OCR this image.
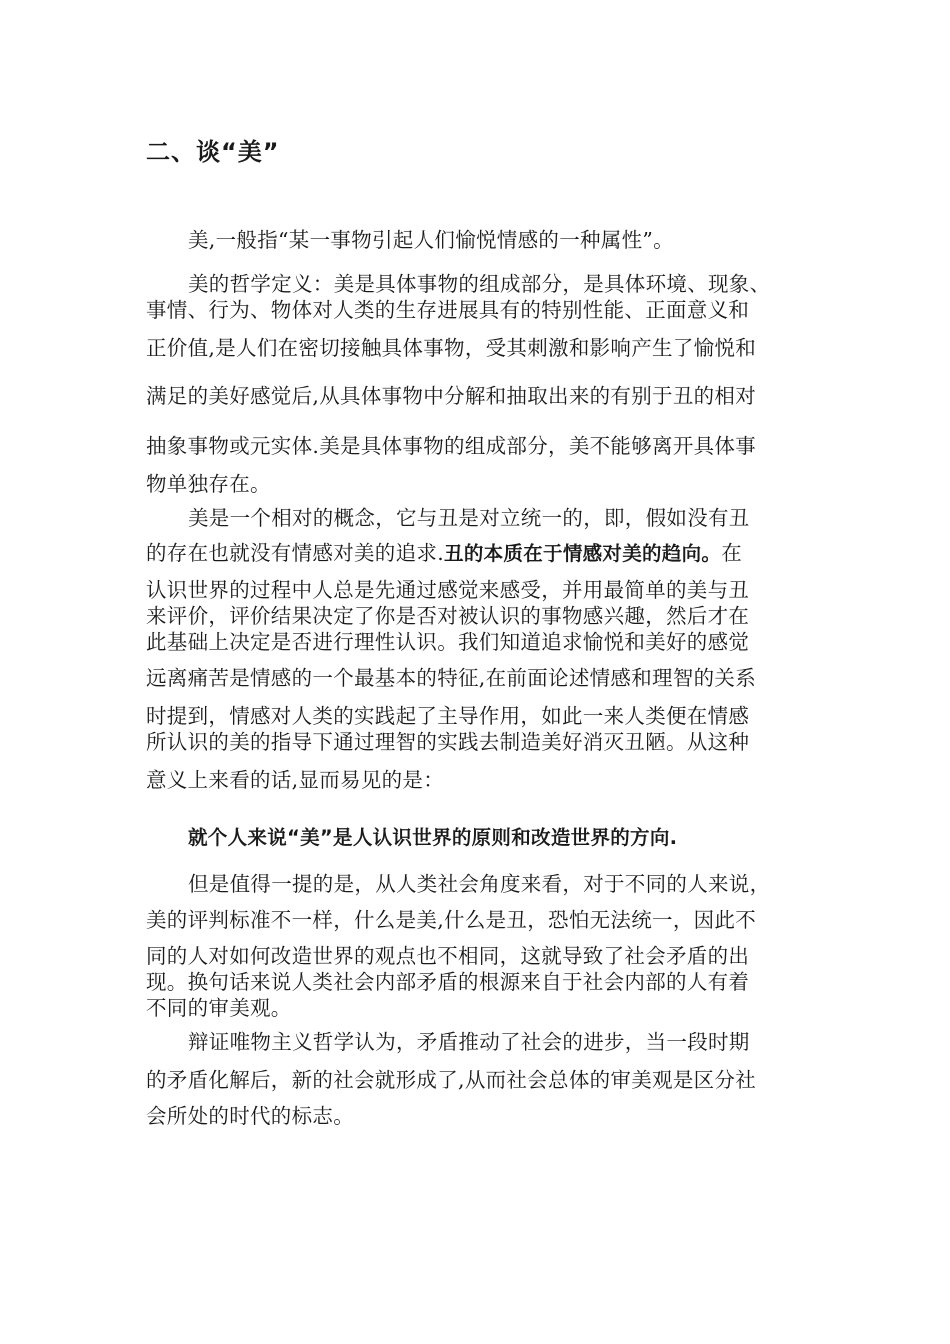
二、谈“美”
美,一般指“某一事物引起人们愉悦情感的一种属性”。
美的哲学定义：美是具体事物的组成部分，是具体环境、现象、
事情、行为、物体对人类的生存进展具有的特别性能、正面意义和
正价值,是人们在密切接触具体事物，受其刺激和影响产生了愉悦和
满足的美好感觉后,从具体事物中分解和抽取出来的有别于丑的相对
抽象事物或元实体.美是具体事物的组成部分，美不能够离开具体事
物单独存在。
美是一个相对的概念，它与丑是对立统一的，即，假如没有丑
的存在也就没有情感对美的追求.丑的本质在于情感对美的趋向。在
认识世界的过程中人总是先通过感觉来感受，并用最简单的美与丑
来评价，评价结果决定了你是否对被认识的事物感兴趣，然后才在
此基础上决定是否进行理性认识。我们知道追求愉悦和美好的感觉
远离痛苦是情感的一个最基本的特征,在前面论述情感和理智的关系
时提到，情感对人类的实践起了主导作用，如此一来人类便在情感
所认识的美的指导下通过理智的实践去制造美好消灭丑陋。从这种
意义上来看的话,显而易见的是：
就个人来说“美”是人认识世界的原则和改造世界的方向.
但是值得一提的是，从人类社会角度来看，对于不同的人来说，
美的评判标准不一样，什么是美,什么是丑，恐怕无法统一，因此不
同的人对如何改造世界的观点也不相同，这就导致了社会矛盾的出
现。换句话来说人类社会内部矛盾的根源来自于社会内部的人有着
不同的审美观。
辩证唯物主义哲学认为，矛盾推动了社会的进步，当一段时期
的矛盾化解后，新的社会就形成了,从而社会总体的审美观是区分社
会所处的时代的标志。
